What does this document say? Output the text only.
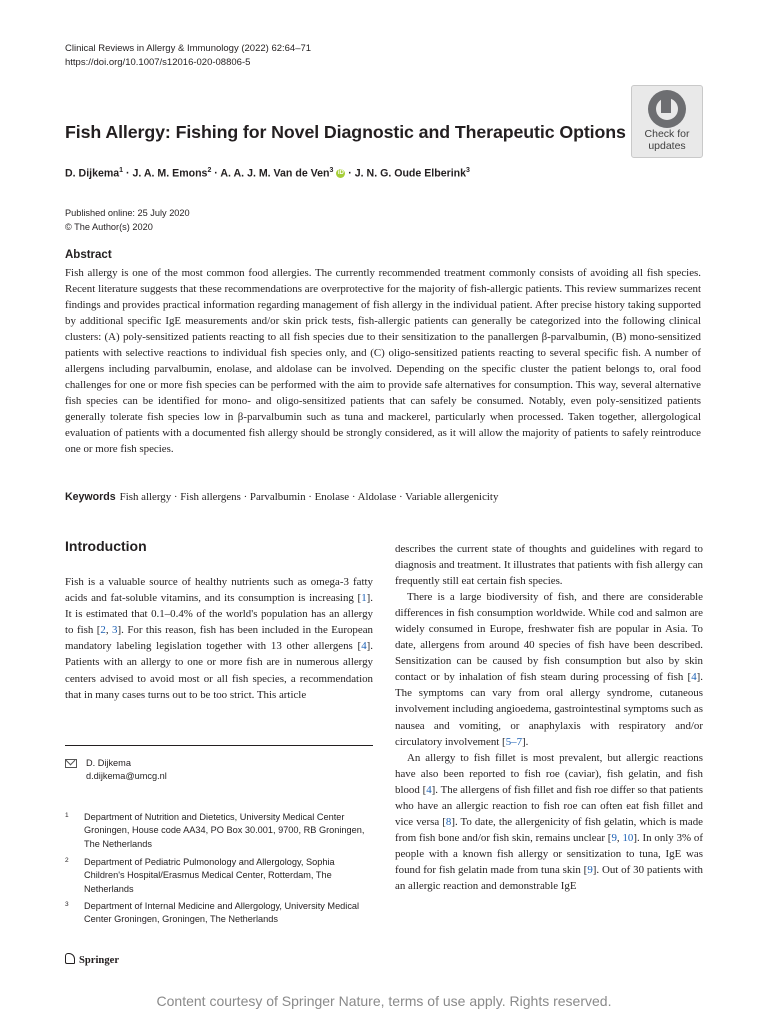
Clinical Reviews in Allergy & Immunology (2022) 62:64–71
https://doi.org/10.1007/s12016-020-08806-5
Check for
updates
Fish Allergy: Fishing for Novel Diagnostic and Therapeutic Options
D. Dijkema$^1$ · J. A. M. Emons$^2$ · A. A. J. M. Van de Ven$^3$ iD · J. N. G. Oude Elberink$^3$
Published online: 25 July 2020
© The Author(s) 2020
Abstract
Fish allergy is one of the most common food allergies. The currently recommended treatment commonly consists of avoiding all fish species. Recent literature suggests that these recommendations are overprotective for the majority of fish-allergic patients. This review summarizes recent findings and provides practical information regarding management of fish allergy in the individual patient. After precise history taking supported by additional specific IgE measurements and/or skin prick tests, fish-allergic patients can generally be categorized into the following clinical clusters: (A) poly-sensitized patients reacting to all fish species due to their sensitization to the panallergen β-parvalbumin, (B) mono-sensitized patients with selective reactions to individual fish species only, and (C) oligo-sensitized patients reacting to several specific fish. A number of allergens including parvalbumin, enolase, and aldolase can be involved. Depending on the specific cluster the patient belongs to, oral food challenges for one or more fish species can be performed with the aim to provide safe alternatives for consumption. This way, several alternative fish species can be identified for mono- and oligo-sensitized patients that can safely be consumed. Notably, even poly-sensitized patients generally tolerate fish species low in β-parvalbumin such as tuna and mackerel, particularly when processed. Taken together, allergological evaluation of patients with a documented fish allergy should be strongly considered, as it will allow the majority of patients to safely reintroduce one or more fish species.
Keywords Fish allergy · Fish allergens · Parvalbumin · Enolase · Aldolase · Variable allergenicity
Introduction

Fish is a valuable source of healthy nutrients such as omega-3 fatty acids and fat-soluble vitamins, and its consumption is increasing [1]. It is estimated that 0.1–0.4% of the world's population has an allergy to fish [2, 3]. For this reason, fish has been included in the European mandatory labeling legislation together with 13 other allergens [4]. Patients with an allergy to one or more fish are in numerous allergy centers advised to avoid most or all fish species, a recommendation that in many cases turns out to be too strict. This article

describes the current state of thoughts and guidelines with regard to diagnosis and treatment. It illustrates that patients with fish allergy can frequently still eat certain fish species.

There is a large biodiversity of fish, and there are considerable differences in fish consumption worldwide. While cod and salmon are widely consumed in Europe, freshwater fish are popular in Asia. To date, allergens from around 40 species of fish have been described. Sensitization can be caused by fish consumption but also by skin contact or by inhalation of fish steam during processing of fish [4]. The symptoms can vary from oral allergy syndrome, cutaneous involvement including angioedema, gastrointestinal symptoms such as nausea and vomiting, or anaphylaxis with respiratory and/or circulatory involvement [5–7].

An allergy to fish fillet is most prevalent, but allergic reactions have also been reported to fish roe (caviar), fish gelatin, and fish blood [4]. The allergens of fish fillet and fish roe differ so that patients who have an allergic reaction to fish roe can often eat fish fillet and vice versa [8]. To date, the allergenicity of fish gelatin, which is made from fish bone and/or fish skin, remains unclear [9, 10]. In only 3% of people with a known fish allergy or sensitization to tuna, IgE was found for fish gelatin made from tuna skin [9]. Out of 30 patients with an allergic reaction and demonstrable IgE

D. Dijkema
d.dijkema@umcg.nl
1 Department of Nutrition and Dietetics, University Medical Center Groningen, House code AA34, PO Box 30.001, 9700, RB Groningen, The Netherlands
2 Department of Pediatric Pulmonology and Allergology, Sophia Children's Hospital/Erasmus Medical Center, Rotterdam, The Netherlands
3 Department of Internal Medicine and Allergology, University Medical Center Groningen, Groningen, The Netherlands
Springer
Content courtesy of Springer Nature, terms of use apply. Rights reserved.
